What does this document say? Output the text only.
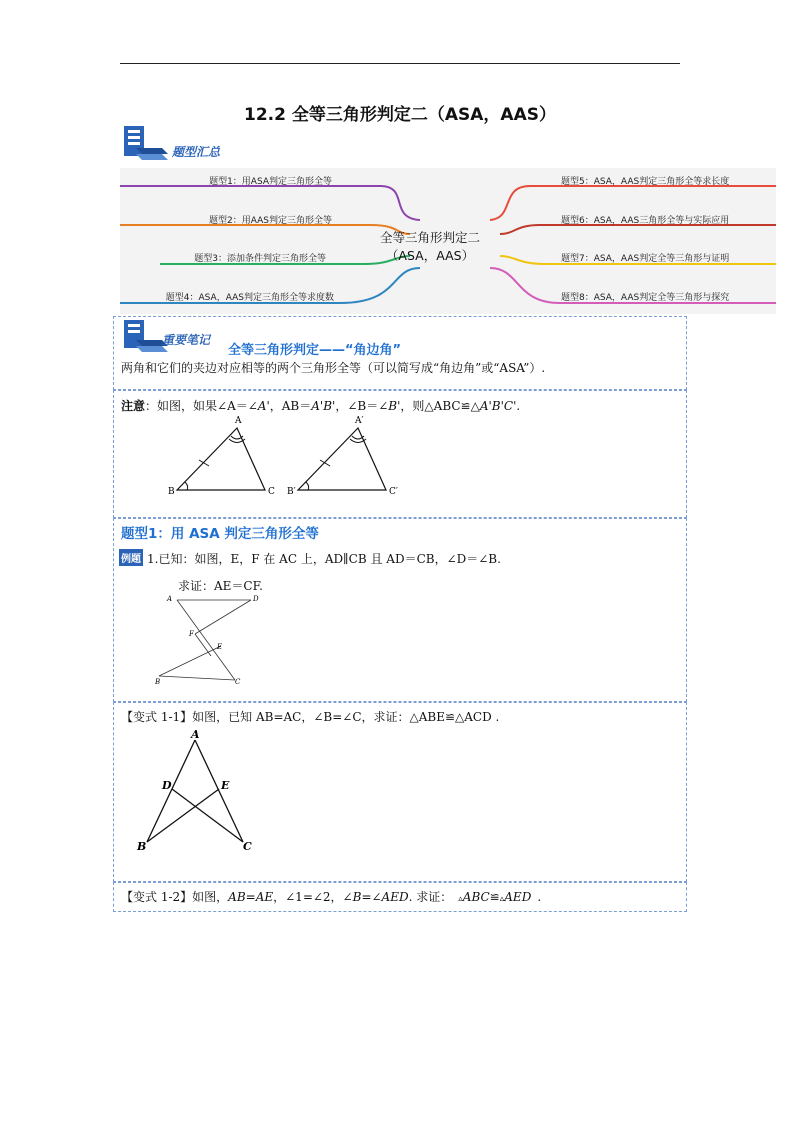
12.2 全等三角形判定二（ASA，AAS）
题型汇总
题型1：用ASA判定三角形全等
题型2：用AAS判定三角形全等
题型3：添加条件判定三角形全等
题型4：ASA，AAS判定三角形全等求度数
题型5：ASA，AAS判定三角形全等求长度
题型6：ASA，AAS三角形全等与实际应用
题型7：ASA，AAS判定全等三角形与证明
题型8：ASA，AAS判定全等三角形与探究
全等三角形判定二
（ASA，AAS）
重要笔记
全等三角形判定——“角边角”
两角和它们的夹边对应相等的两个三角形全等（可以简写成“角边角”或“ASA”）.
注意：如图，如果∠A＝∠A'，AB＝A'B'，∠B＝∠B'，则△ABC≌△A'B'C'.
A
B	C
A′
B′	C′
题型1：用 ASA 判定三角形全等
例题 1.已知：如图，E，F 在 AC 上，AD∥CB 且 AD＝CB，∠D＝∠B.
求证：AE＝CF.
A	D
F
E
B	C
【变式 1-1】如图，已知 AB=AC，∠B=∠C，求证：△ABE≌△ACD .
A
D	E
B	C
【变式 1-2】如图，AB=AE，∠1=∠2，∠B=∠AED. 求证： ▵ABC≌▵AED .
